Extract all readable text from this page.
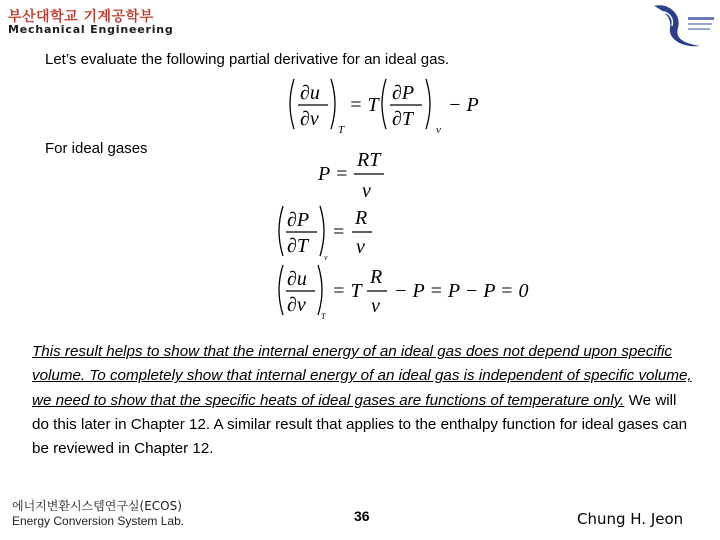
부산대학교 기계공학부
Mechanical Engineering
Let’s evaluate the following partial derivative for an ideal gas.
∂u
∂v T
= T
∂P
∂T v
− P
For ideal gases
P =
RT
v
∂P
∂T
v
=
R
v
∂u
∂v
T
= T
R
v
− P = P − P = 0
This result helps to show that the internal energy of an ideal gas does not depend upon specific volume. To completely show that internal energy of an ideal gas is independent of specific volume, we need to show that the specific heats of ideal gases are functions of temperature only. We will do this later in Chapter 12. A similar result that applies to the enthalpy function for ideal gases can be reviewed in Chapter 12.
에너지변환시스템연구실(ECOS)
Energy Conversion System Lab.	36	Chung H. Jeon
